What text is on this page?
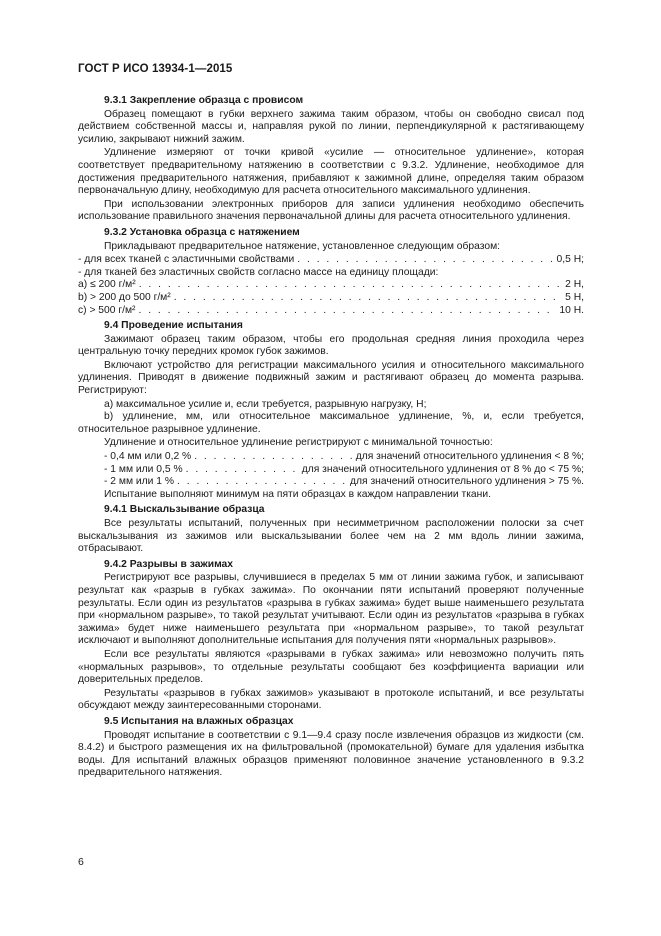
ГОСТ Р ИСО 13934-1—2015
9.3.1 Закрепление образца с провисом
Образец помещают в губки верхнего зажима таким образом, чтобы он свободно свисал под действием собственной массы и, направляя рукой по линии, перпендикулярной к растягивающему усилию, закрывают нижний зажим.
Удлинение измеряют от точки кривой «усилие — относительное удлинение», которая соответствует предварительному натяжению в соответствии с 9.3.2. Удлинение, необходимое для достижения предварительного натяжения, прибавляют к зажимной длине, определяя таким образом первоначальную длину, необходимую для расчета относительного максимального удлинения.
При использовании электронных приборов для записи удлинения необходимо обеспечить использование правильного значения первоначальной длины для расчета относительного удлинения.
9.3.2 Установка образца с натяжением
Прикладывают предварительное натяжение, установленное следующим образом:
- для всех тканей с эластичными свойствами . . .	0,5 Н;
- для тканей без эластичных свойств согласно массе на единицу площади:
a) ≤ 200 г/м² . . .	2 Н,
b) > 200 до 500 г/м² . . .	5 Н,
c) > 500 г/м² . . .	10 Н.
9.4 Проведение испытания
Зажимают образец таким образом, чтобы его продольная средняя линия проходила через центральную точку передних кромок губок зажимов.
Включают устройство для регистрации максимального усилия и относительного максимального удлинения. Приводят в движение подвижный зажим и растягивают образец до момента разрыва. Регистрируют:
a) максимальное усилие и, если требуется, разрывную нагрузку, Н;
b) удлинение, мм, или относительное максимальное удлинение, %, и, если требуется, относительное разрывное удлинение.
Удлинение и относительное удлинение регистрируют с минимальной точностью:
- 0,4 мм или 0,2 % . . .	для значений относительного удлинения < 8 %;
- 1 мм или 0,5 % . . .	для значений относительного удлинения от 8 % до < 75 %;
- 2 мм или 1 % . . .	для значений относительного удлинения > 75 %.
Испытание выполняют минимум на пяти образцах в каждом направлении ткани.
9.4.1 Выскальзывание образца
Все результаты испытаний, полученных при несимметричном расположении полоски за счет выскальзывания из зажимов или выскальзывании более чем на 2 мм вдоль линии зажима, отбрасывают.
9.4.2 Разрывы в зажимах
Регистрируют все разрывы, случившиеся в пределах 5 мм от линии зажима губок, и записывают результат как «разрыв в губках зажима». По окончании пяти испытаний проверяют полученные результаты. Если один из результатов «разрыва в губках зажима» будет выше наименьшего результата при «нормальном разрыве», то такой результат учитывают. Если один из результатов «разрыва в губках зажима» будет ниже наименьшего результата при «нормальном разрыве», то такой результат исключают и выполняют дополнительные испытания для получения пяти «нормальных разрывов».
Если все результаты являются «разрывами в губках зажима» или невозможно получить пять «нормальных разрывов», то отдельные результаты сообщают без коэффициента вариации или доверительных пределов.
Результаты «разрывов в губках зажимов» указывают в протоколе испытаний, и все результаты обсуждают между заинтересованными сторонами.
9.5 Испытания на влажных образцах
Проводят испытание в соответствии с 9.1—9.4 сразу после извлечения образцов из жидкости (см. 8.4.2) и быстрого размещения их на фильтровальной (промокательной) бумаге для удаления избытка воды. Для испытаний влажных образцов применяют половинное значение установленного в 9.3.2 предварительного натяжения.
6
